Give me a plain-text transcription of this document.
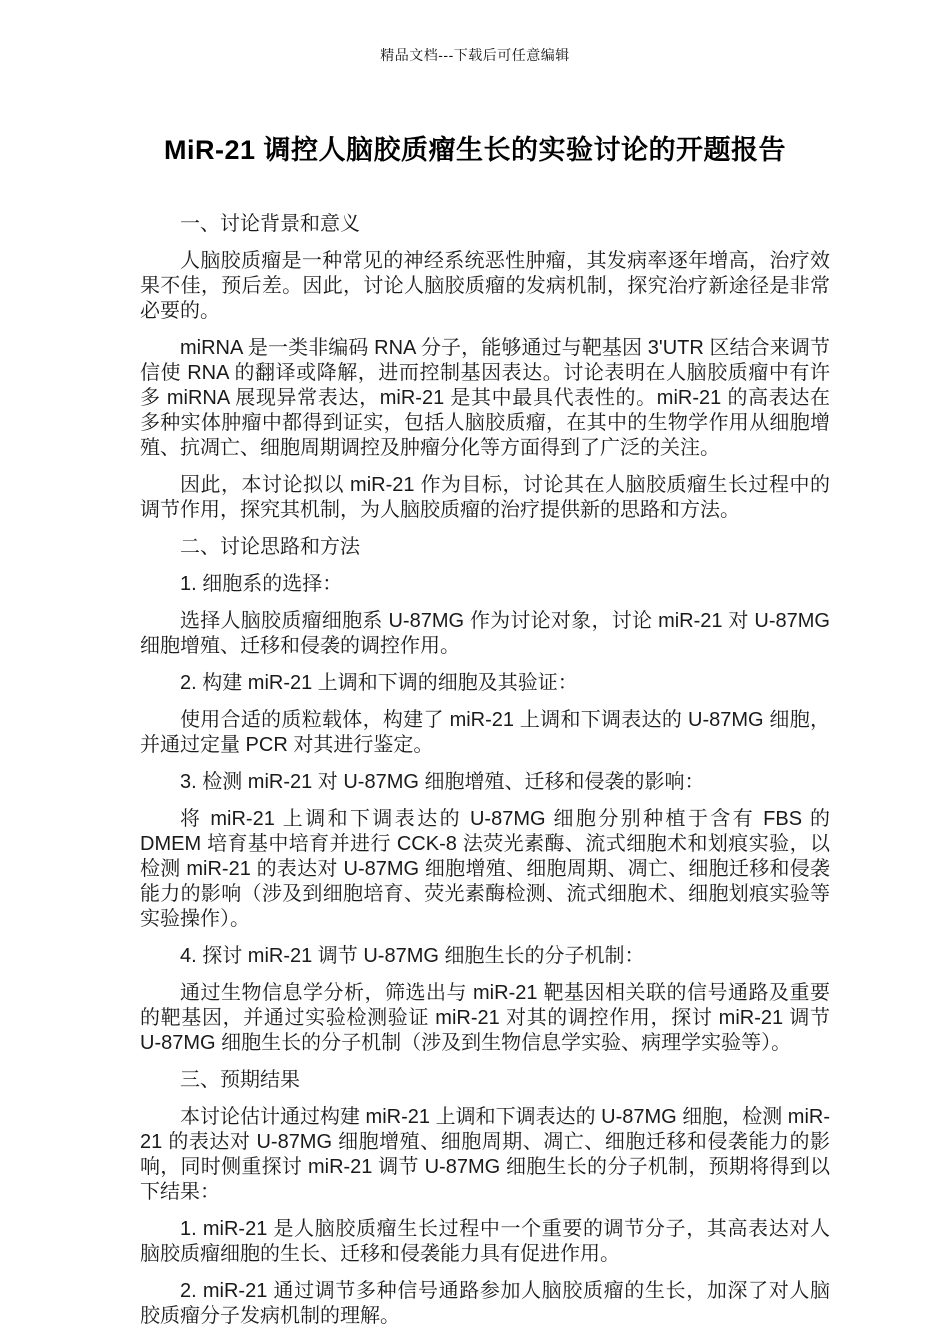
精品文档---下载后可任意编辑
MiR-21 调控人脑胶质瘤生长的实验讨论的开题报告

一、讨论背景和意义

人脑胶质瘤是一种常见的神经系统恶性肿瘤，其发病率逐年增高，治疗效果不佳，预后差。因此，讨论人脑胶质瘤的发病机制，探究治疗新途径是非常必要的。

miRNA 是一类非编码 RNA 分子，能够通过与靶基因 3'UTR 区结合来调节信使 RNA 的翻译或降解，进而控制基因表达。讨论表明在人脑胶质瘤中有许多 miRNA 展现异常表达，miR-21 是其中最具代表性的。miR-21 的高表达在多种实体肿瘤中都得到证实，包括人脑胶质瘤，在其中的生物学作用从细胞增殖、抗凋亡、细胞周期调控及肿瘤分化等方面得到了广泛的关注。

因此，本讨论拟以 miR-21 作为目标，讨论其在人脑胶质瘤生长过程中的调节作用，探究其机制，为人脑胶质瘤的治疗提供新的思路和方法。

二、讨论思路和方法

1. 细胞系的选择：

选择人脑胶质瘤细胞系 U-87MG 作为讨论对象，讨论 miR-21 对 U-87MG 细胞增殖、迁移和侵袭的调控作用。

2. 构建 miR-21 上调和下调的细胞及其验证：

使用合适的质粒载体，构建了 miR-21 上调和下调表达的 U-87MG 细胞，并通过定量 PCR 对其进行鉴定。

3. 检测 miR-21 对 U-87MG 细胞增殖、迁移和侵袭的影响：

将 miR-21 上调和下调表达的 U-87MG 细胞分别种植于含有 FBS 的 DMEM 培育基中培育并进行 CCK-8 法荧光素酶、流式细胞术和划痕实验，以检测 miR-21 的表达对 U-87MG 细胞增殖、细胞周期、凋亡、细胞迁移和侵袭能力的影响（涉及到细胞培育、荧光素酶检测、流式细胞术、细胞划痕实验等实验操作）。

4. 探讨 miR-21 调节 U-87MG 细胞生长的分子机制：

通过生物信息学分析，筛选出与 miR-21 靶基因相关联的信号通路及重要的靶基因，并通过实验检测验证 miR-21 对其的调控作用，探讨 miR-21 调节 U-87MG 细胞生长的分子机制（涉及到生物信息学实验、病理学实验等）。

三、预期结果

本讨论估计通过构建 miR-21 上调和下调表达的 U-87MG 细胞，检测 miR-21 的表达对 U-87MG 细胞增殖、细胞周期、凋亡、细胞迁移和侵袭能力的影响，同时侧重探讨 miR-21 调节 U-87MG 细胞生长的分子机制，预期将得到以下结果：

1. miR-21 是人脑胶质瘤生长过程中一个重要的调节分子，其高表达对人脑胶质瘤细胞的生长、迁移和侵袭能力具有促进作用。

2. miR-21 通过调节多种信号通路参加人脑胶质瘤的生长，加深了对人脑胶质瘤分子发病机制的理解。
